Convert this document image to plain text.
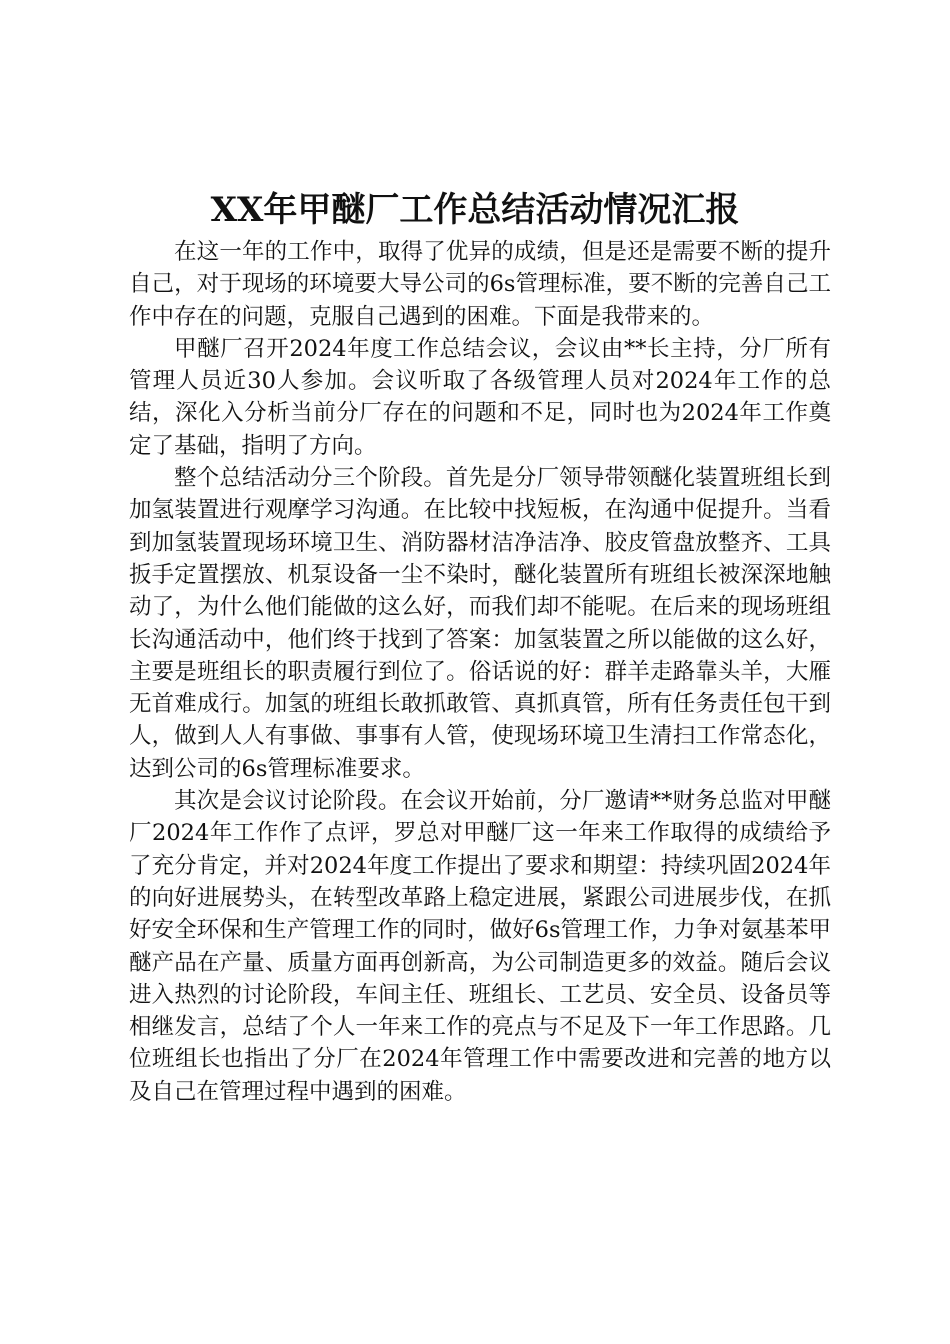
XX年甲醚厂工作总结活动情况汇报

在这一年的工作中，取得了优异的成绩，但是还是需要不断的提升自己，对于现场的环境要大导公司的6s管理标准，要不断的完善自己工作中存在的问题，克服自己遇到的困难。下面是我带来的。

甲醚厂召开2024年度工作总结会议，会议由**长主持，分厂所有管理人员近30人参加。会议听取了各级管理人员对2024年工作的总结，深化入分析当前分厂存在的问题和不足，同时也为2024年工作奠定了基础，指明了方向。

整个总结活动分三个阶段。首先是分厂领导带领醚化装置班组长到加氢装置进行观摩学习沟通。在比较中找短板，在沟通中促提升。当看到加氢装置现场环境卫生、消防器材洁净洁净、胶皮管盘放整齐、工具扳手定置摆放、机泵设备一尘不染时，醚化装置所有班组长被深深地触动了，为什么他们能做的这么好，而我们却不能呢。在后来的现场班组长沟通活动中，他们终于找到了答案：加氢装置之所以能做的这么好，主要是班组长的职责履行到位了。俗话说的好：群羊走路靠头羊，大雁无首难成行。加氢的班组长敢抓敢管、真抓真管，所有任务责任包干到人，做到人人有事做、事事有人管，使现场环境卫生清扫工作常态化，达到公司的6s管理标准要求。

其次是会议讨论阶段。在会议开始前，分厂邀请**财务总监对甲醚厂2024年工作作了点评，罗总对甲醚厂这一年来工作取得的成绩给予了充分肯定，并对2024年度工作提出了要求和期望：持续巩固2024年的向好进展势头，在转型改革路上稳定进展，紧跟公司进展步伐，在抓好安全环保和生产管理工作的同时，做好6s管理工作，力争对氨基苯甲醚产品在产量、质量方面再创新高，为公司制造更多的效益。随后会议进入热烈的讨论阶段，车间主任、班组长、工艺员、安全员、设备员等相继发言，总结了个人一年来工作的亮点与不足及下一年工作思路。几位班组长也指出了分厂在2024年管理工作中需要改进和完善的地方以及自己在管理过程中遇到的困难。
